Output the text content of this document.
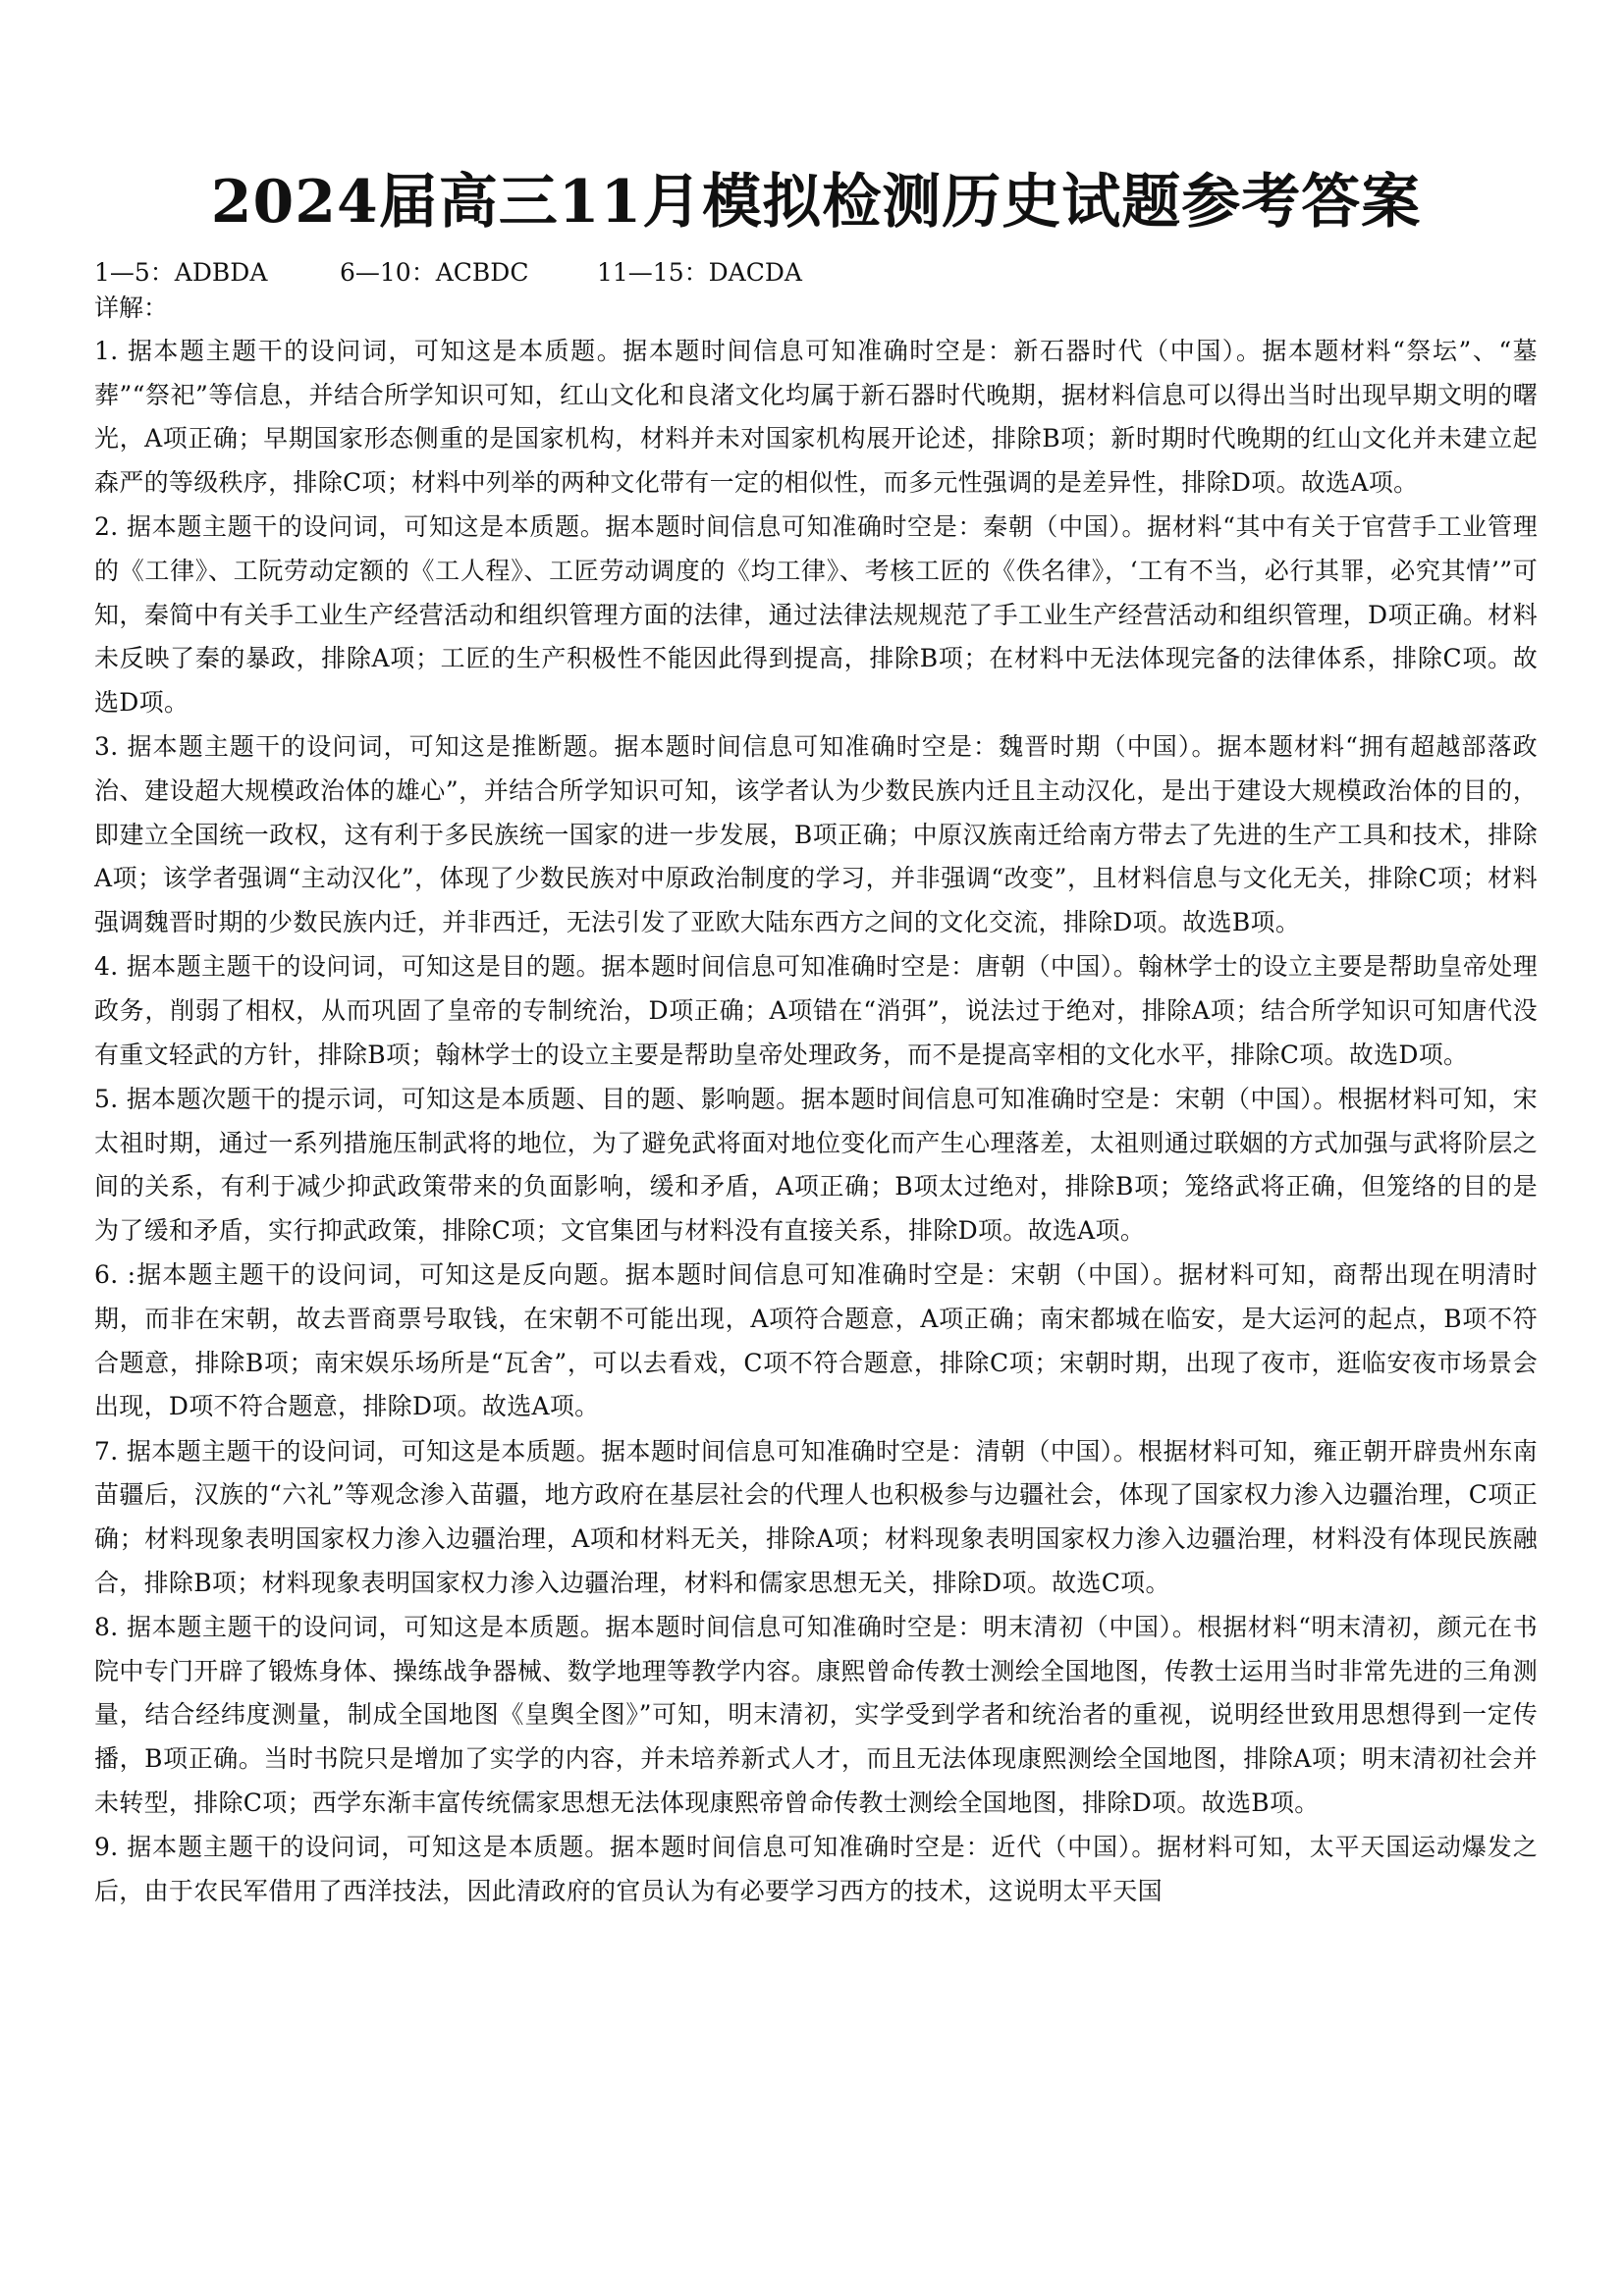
2024届高三11月模拟检测历史试题参考答案
1—5：ADBDA	6—10：ACBDC	11—15：DACDA
详解：

1. 据本题主题干的设问词，可知这是本质题。据本题时间信息可知准确时空是：新石器时代（中国）。据本题材料“祭坛”、“墓葬”“祭祀”等信息，并结合所学知识可知，红山文化和良渚文化均属于新石器时代晚期，据材料信息可以得出当时出现早期文明的曙光，A项正确；早期国家形态侧重的是国家机构，材料并未对国家机构展开论述，排除B项；新时期时代晚期的红山文化并未建立起森严的等级秩序，排除C项；材料中列举的两种文化带有一定的相似性，而多元性强调的是差异性，排除D项。故选A项。

2. 据本题主题干的设问词，可知这是本质题。据本题时间信息可知准确时空是：秦朝（中国）。据材料“其中有关于官营手工业管理的《工律》、工阮劳动定额的《工人程》、工匠劳动调度的《均工律》、考核工匠的《佚名律》，‘工有不当，必行其罪，必究其情’”可知，秦简中有关手工业生产经营活动和组织管理方面的法律，通过法律法规规范了手工业生产经营活动和组织管理，D项正确。材料未反映了秦的暴政，排除A项；工匠的生产积极性不能因此得到提高，排除B项；在材料中无法体现完备的法律体系，排除C项。故选D项。

3. 据本题主题干的设问词，可知这是推断题。据本题时间信息可知准确时空是：魏晋时期（中国）。据本题材料“拥有超越部落政治、建设超大规模政治体的雄心”，并结合所学知识可知，该学者认为少数民族内迁且主动汉化，是出于建设大规模政治体的目的，即建立全国统一政权，这有利于多民族统一国家的进一步发展，B项正确；中原汉族南迁给南方带去了先进的生产工具和技术，排除A项；该学者强调“主动汉化”，体现了少数民族对中原政治制度的学习，并非强调“改变”，且材料信息与文化无关，排除C项；材料强调魏晋时期的少数民族内迁，并非西迁，无法引发了亚欧大陆东西方之间的文化交流，排除D项。故选B项。

4. 据本题主题干的设问词，可知这是目的题。据本题时间信息可知准确时空是：唐朝（中国）。翰林学士的设立主要是帮助皇帝处理政务，削弱了相权，从而巩固了皇帝的专制统治，D项正确；A项错在“消弭”，说法过于绝对，排除A项；结合所学知识可知唐代没有重文轻武的方针，排除B项；翰林学士的设立主要是帮助皇帝处理政务，而不是提高宰相的文化水平，排除C项。故选D项。

5. 据本题次题干的提示词，可知这是本质题、目的题、影响题。据本题时间信息可知准确时空是：宋朝（中国）。根据材料可知，宋太祖时期，通过一系列措施压制武将的地位，为了避免武将面对地位变化而产生心理落差，太祖则通过联姻的方式加强与武将阶层之间的关系，有利于减少抑武政策带来的负面影响，缓和矛盾，A项正确；B项太过绝对，排除B项；笼络武将正确，但笼络的目的是为了缓和矛盾，实行抑武政策，排除C项；文官集团与材料没有直接关系，排除D项。故选A项。

6. :据本题主题干的设问词，可知这是反向题。据本题时间信息可知准确时空是：宋朝（中国）。据材料可知，商帮出现在明清时期，而非在宋朝，故去晋商票号取钱，在宋朝不可能出现，A项符合题意，A项正确；南宋都城在临安，是大运河的起点，B项不符合题意，排除B项；南宋娱乐场所是“瓦舍”，可以去看戏，C项不符合题意，排除C项；宋朝时期，出现了夜市，逛临安夜市场景会出现，D项不符合题意，排除D项。故选A项。

7. 据本题主题干的设问词，可知这是本质题。据本题时间信息可知准确时空是：清朝（中国）。根据材料可知，雍正朝开辟贵州东南苗疆后，汉族的“六礼”等观念渗入苗疆，地方政府在基层社会的代理人也积极参与边疆社会，体现了国家权力渗入边疆治理，C项正确；材料现象表明国家权力渗入边疆治理，A项和材料无关，排除A项；材料现象表明国家权力渗入边疆治理，材料没有体现民族融合，排除B项；材料现象表明国家权力渗入边疆治理，材料和儒家思想无关，排除D项。故选C项。

8. 据本题主题干的设问词，可知这是本质题。据本题时间信息可知准确时空是：明末清初（中国）。根据材料“明末清初，颜元在书院中专门开辟了锻炼身体、操练战争器械、数学地理等教学内容。康熙曾命传教士测绘全国地图，传教士运用当时非常先进的三角测量，结合经纬度测量，制成全国地图《皇舆全图》”可知，明末清初，实学受到学者和统治者的重视，说明经世致用思想得到一定传播，B项正确。当时书院只是增加了实学的内容，并未培养新式人才，而且无法体现康熙测绘全国地图，排除A项；明末清初社会并未转型，排除C项；西学东渐丰富传统儒家思想无法体现康熙帝曾命传教士测绘全国地图，排除D项。故选B项。

9. 据本题主题干的设问词，可知这是本质题。据本题时间信息可知准确时空是：近代（中国）。据材料可知，太平天国运动爆发之后，由于农民军借用了西洋技法，因此清政府的官员认为有必要学习西方的技术，这说明太平天国
